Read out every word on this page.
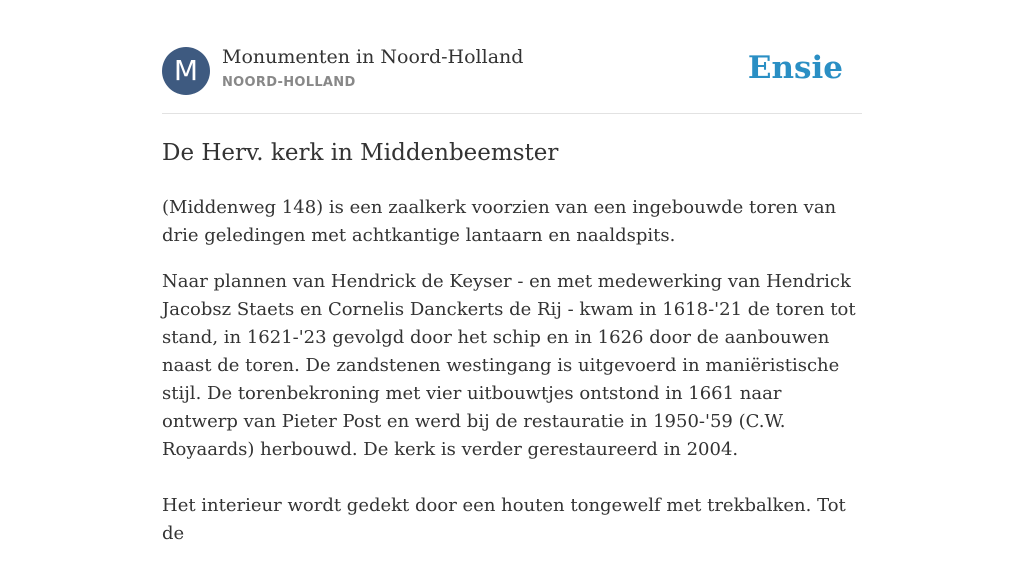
M	Monumenten in Noord-Holland
NOORD-HOLLAND	Ensie
De Herv. kerk in Middenbeemster

(Middenweg 148) is een zaalkerk voorzien van een ingebouwde toren van drie geledingen met achtkantige lantaarn en naaldspits.

Naar plannen van Hendrick de Keyser - en met medewerking van Hendrick Jacobsz Staets en Cornelis Danckerts de Rij - kwam in 1618-'21 de toren tot stand, in 1621-'23 gevolgd door het schip en in 1626 door de aanbouwen naast de toren. De zandstenen westingang is uitgevoerd in maniëristische stijl. De torenbekroning met vier uitbouwtjes ontstond in 1661 naar ontwerp van Pieter Post en werd bij de restauratie in 1950-'59 (C.W. Royaards) herbouwd. De kerk is verder gerestaureerd in 2004.

Het interieur wordt gedekt door een houten tongewelf met trekbalken. Tot de
